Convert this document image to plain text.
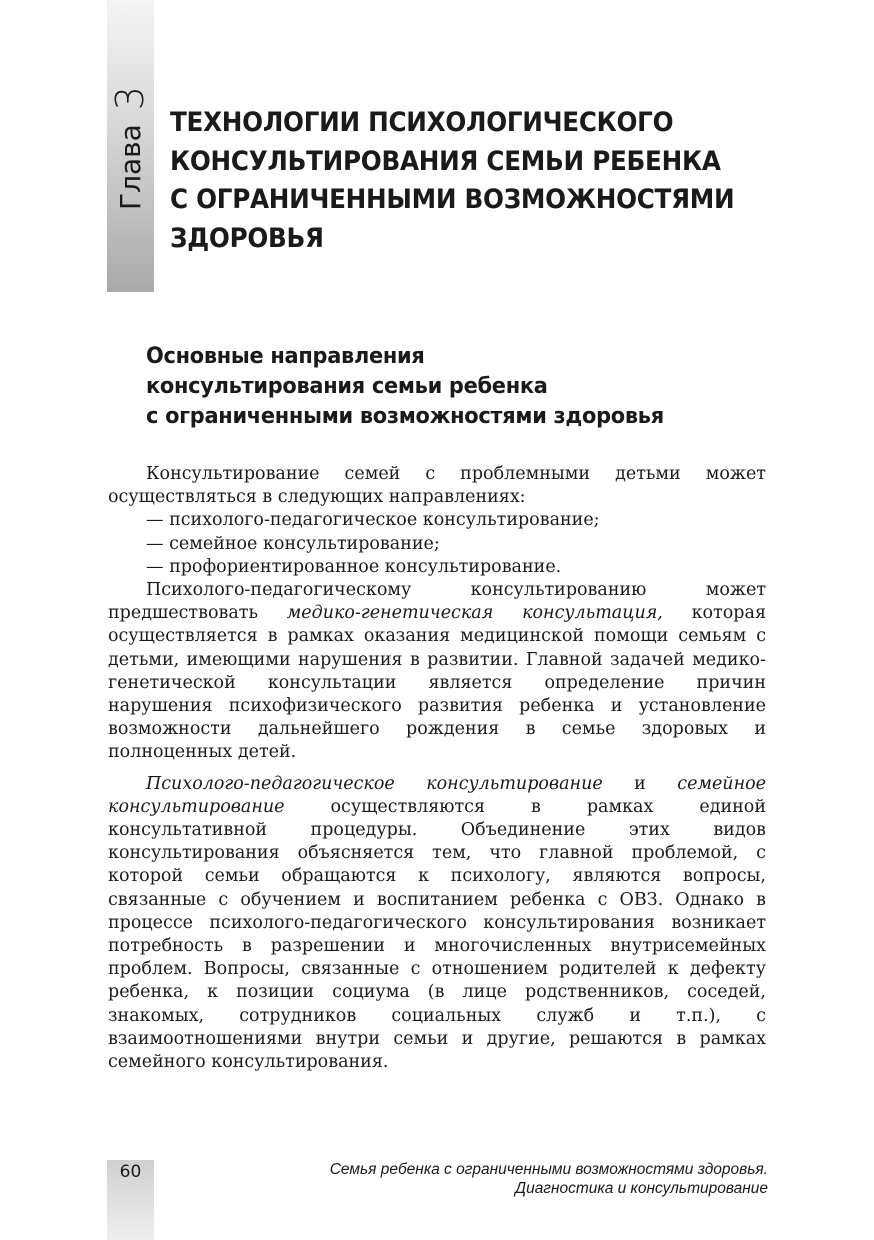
Глава
3
ТЕХНОЛОГИИ ПСИХОЛОГИЧЕСКОГО
КОНСУЛЬТИРОВАНИЯ СЕМЬИ РЕБЕНКА
С ОГРАНИЧЕННЫМИ ВОЗМОЖНОСТЯМИ
ЗДОРОВЬЯ
Основные направления
консультирования семьи ребенка
с ограниченными возможностями здоровья

Консультирование семей с проблемными детьми может осуществляться в следующих направлениях:

— психолого-педагогическое консультирование;

— семейное консультирование;

— профориентированное консультирование.

Психолого-педагогическому консультированию может предшествовать медико-генетическая консультация, которая осуществляется в рамках оказания медицинской помощи семьям с детьми, имеющими нарушения в развитии. Главной задачей медико-генетической консультации является определение причин нарушения психофизического развития ребенка и установление возможности дальнейшего рождения в семье здоровых и полноценных детей.

Психолого-педагогическое консультирование и семейное консультирование осуществляются в рамках единой консультативной процедуры. Объединение этих видов консультирования объясняется тем, что главной проблемой, с которой семьи обращаются к психологу, являются вопросы, связанные с обучением и воспитанием ребенка с ОВЗ. Однако в процессе психолого-педагогического консультирования возникает потребность в разрешении и многочисленных внутрисемейных проблем. Вопросы, связанные с отношением родителей к дефекту ребенка, к позиции социума (в лице родственников, соседей, знакомых, сотрудников социальных служб и т.п.), с взаимоотношениями внутри семьи и другие, решаются в рамках семейного консультирования.

60	Семья ребенка с ограниченными возможностями здоровья.
Диагностика и консультирование
